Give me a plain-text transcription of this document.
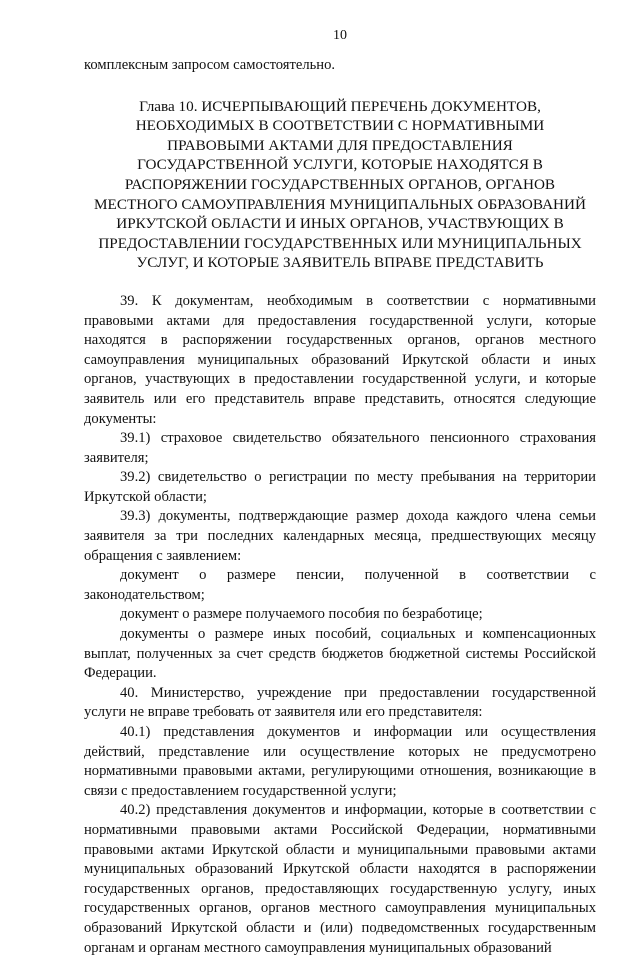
10

комплексным запросом самостоятельно.

Глава 10. ИСЧЕРПЫВАЮЩИЙ ПЕРЕЧЕНЬ ДОКУМЕНТОВ, НЕОБХОДИМЫХ В СООТВЕТСТВИИ С НОРМАТИВНЫМИ ПРАВОВЫМИ АКТАМИ ДЛЯ ПРЕДОСТАВЛЕНИЯ ГОСУДАРСТВЕННОЙ УСЛУГИ, КОТОРЫЕ НАХОДЯТСЯ В РАСПОРЯЖЕНИИ ГОСУДАРСТВЕННЫХ ОРГАНОВ, ОРГАНОВ МЕСТНОГО САМОУПРАВЛЕНИЯ МУНИЦИПАЛЬНЫХ ОБРАЗОВАНИЙ ИРКУТСКОЙ ОБЛАСТИ И ИНЫХ ОРГАНОВ, УЧАСТВУЮЩИХ В ПРЕДОСТАВЛЕНИИ ГОСУДАРСТВЕННЫХ ИЛИ МУНИЦИПАЛЬНЫХ УСЛУГ, И КОТОРЫЕ ЗАЯВИТЕЛЬ ВПРАВЕ ПРЕДСТАВИТЬ

39. К документам, необходимым в соответствии с нормативными правовыми актами для предоставления государственной услуги, которые находятся в распоряжении государственных органов, органов местного самоуправления муниципальных образований Иркутской области и иных органов, участвующих в предоставлении государственной услуги, и которые заявитель или его представитель вправе представить, относятся следующие документы:

39.1) страховое свидетельство обязательного пенсионного страхования заявителя;

39.2) свидетельство о регистрации по месту пребывания на территории Иркутской области;

39.3) документы, подтверждающие размер дохода каждого члена семьи заявителя за три последних календарных месяца, предшествующих месяцу обращения с заявлением:

документ о размере пенсии, полученной в соответствии с законодательством;

документ о размере получаемого пособия по безработице;

документы о размере иных пособий, социальных и компенсационных выплат, полученных за счет средств бюджетов бюджетной системы Российской Федерации.

40. Министерство, учреждение при предоставлении государственной услуги не вправе требовать от заявителя или его представителя:

40.1) представления документов и информации или осуществления действий, представление или осуществление которых не предусмотрено нормативными правовыми актами, регулирующими отношения, возникающие в связи с предоставлением государственной услуги;

40.2) представления документов и информации, которые в соответствии с нормативными правовыми актами Российской Федерации, нормативными правовыми актами Иркутской области и муниципальными правовыми актами муниципальных образований Иркутской области находятся в распоряжении государственных органов, предоставляющих государственную услугу, иных государственных органов, органов местного самоуправления муниципальных образований Иркутской области и (или) подведомственных государственным органам и органам местного самоуправления муниципальных образований
